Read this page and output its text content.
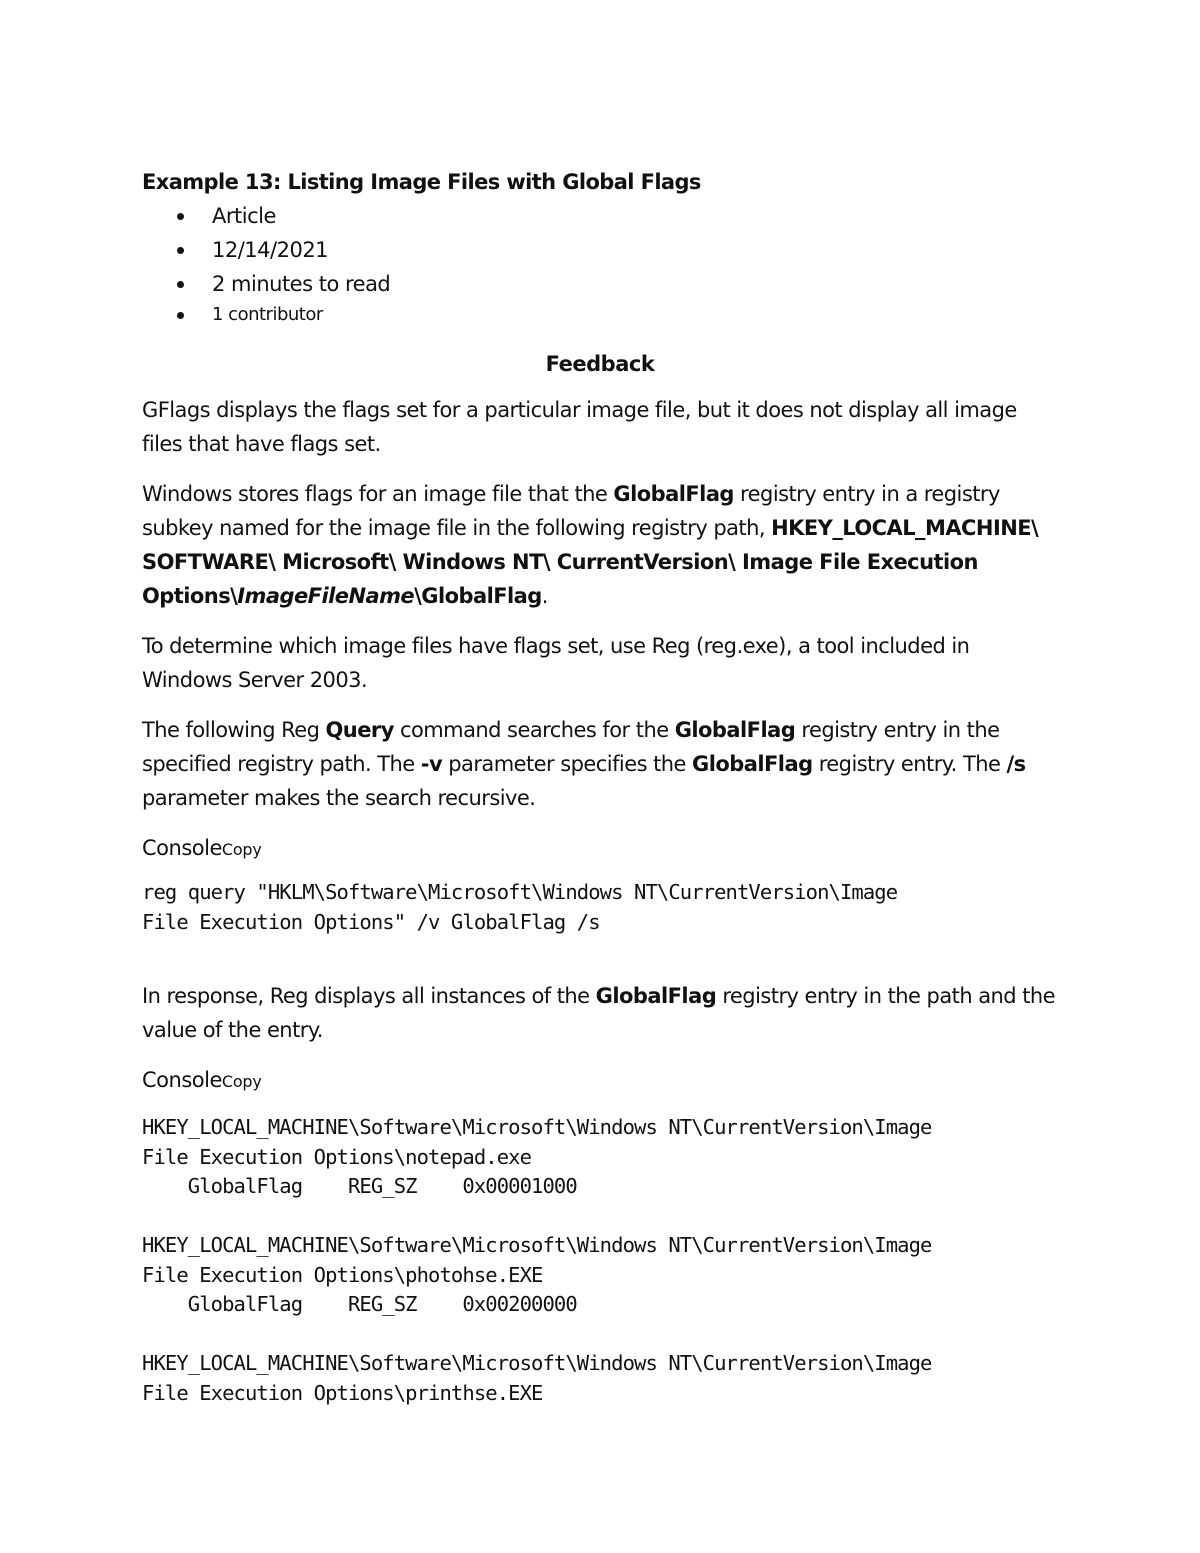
Example 13: Listing Image Files with Global Flags
Article
12/14/2021
2 minutes to read
1 contributor
Feedback

GFlags displays the flags set for a particular image file, but it does not display all image files that have flags set.

Windows stores flags for an image file that the GlobalFlag registry entry in a registry subkey named for the image file in the following registry path, HKEY_LOCAL_MACHINE\ SOFTWARE\ Microsoft\ Windows NT\ CurrentVersion\ Image File Execution Options\ImageFileName\GlobalFlag.

To determine which image files have flags set, use Reg (reg.exe), a tool included in Windows Server 2003.

The following Reg Query command searches for the GlobalFlag registry entry in the specified registry path. The -v parameter specifies the GlobalFlag registry entry. The /s parameter makes the search recursive.

ConsoleCopy
reg query "HKLM\Software\Microsoft\Windows NT\CurrentVersion\Image
File Execution Options" /v GlobalFlag /s

In response, Reg displays all instances of the GlobalFlag registry entry in the path and the value of the entry.

ConsoleCopy
HKEY_LOCAL_MACHINE\Software\Microsoft\Windows NT\CurrentVersion\Image
File Execution Options\notepad.exe
GlobalFlag    REG_SZ    0x00001000

HKEY_LOCAL_MACHINE\Software\Microsoft\Windows NT\CurrentVersion\Image
File Execution Options\photohse.EXE
GlobalFlag    REG_SZ    0x00200000

HKEY_LOCAL_MACHINE\Software\Microsoft\Windows NT\CurrentVersion\Image
File Execution Options\printhse.EXE
